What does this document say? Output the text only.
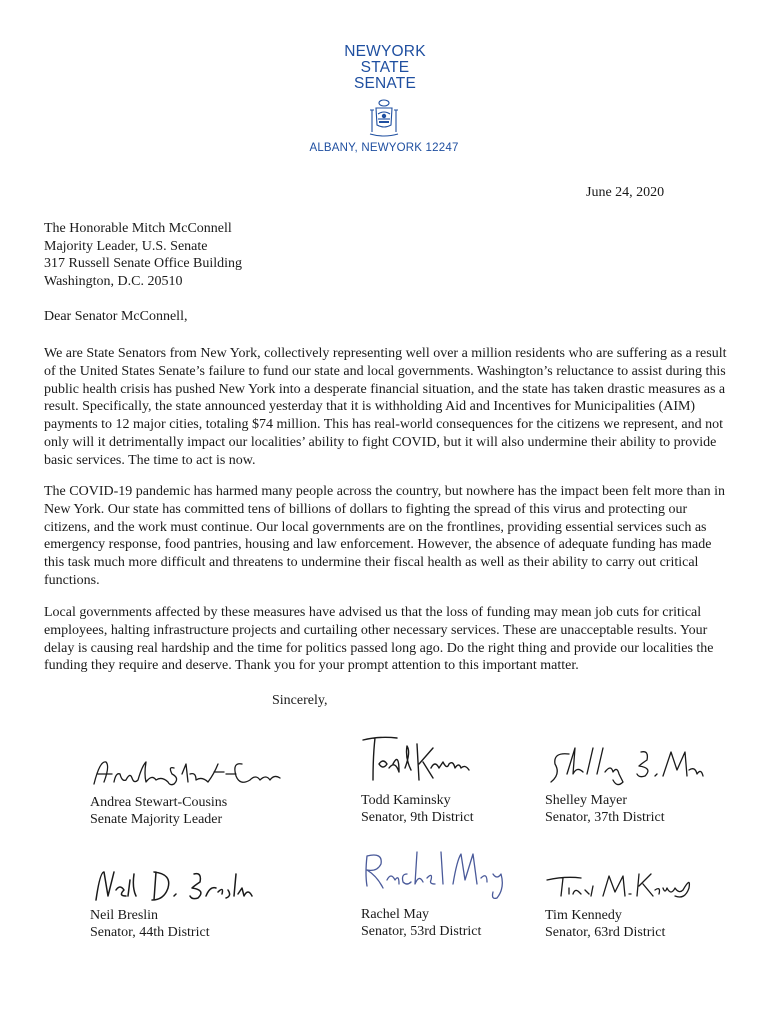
NEWYORK
STATE
SENATE
ALBANY, NEWYORK 12247
June 24, 2020
The Honorable Mitch McConnell
Majority Leader, U.S. Senate
317 Russell Senate Office Building
Washington, D.C. 20510
Dear Senator McConnell,

We are State Senators from New York, collectively representing well over a million residents who are suffering as a result of the United States Senate’s failure to fund our state and local governments. Washington’s reluctance to assist during this public health crisis has pushed New York into a desperate financial situation, and the state has taken drastic measures as a result. Specifically, the state announced yesterday that it is withholding Aid and Incentives for Municipalities (AIM) payments to 12 major cities, totaling $74 million. This has real-world consequences for the citizens we represent, and not only will it detrimentally impact our localities’ ability to fight COVID, but it will also undermine their ability to provide basic services. The time to act is now.

The COVID-19 pandemic has harmed many people across the country, but nowhere has the impact been felt more than in New York. Our state has committed tens of billions of dollars to fighting the spread of this virus and protecting our citizens, and the work must continue. Our local governments are on the frontlines, providing essential services such as emergency response, food pantries, housing and law enforcement. However, the absence of adequate funding has made this task much more difficult and threatens to undermine their fiscal health as well as their ability to carry out critical functions.

Local governments affected by these measures have advised us that the loss of funding may mean job cuts for critical employees, halting infrastructure projects and curtailing other necessary services. These are unacceptable results. Your delay is causing real hardship and the time for politics passed long ago. Do the right thing and provide our localities the funding they require and deserve. Thank you for your prompt attention to this important matter.

Sincerely,
Andrea Stewart-Cousins
Senate Majority Leader
Todd Kaminsky
Senator, 9th District
Shelley Mayer
Senator, 37th District
Neil Breslin
Senator, 44th District
Rachel May
Senator, 53rd District
Tim Kennedy
Senator, 63rd District
